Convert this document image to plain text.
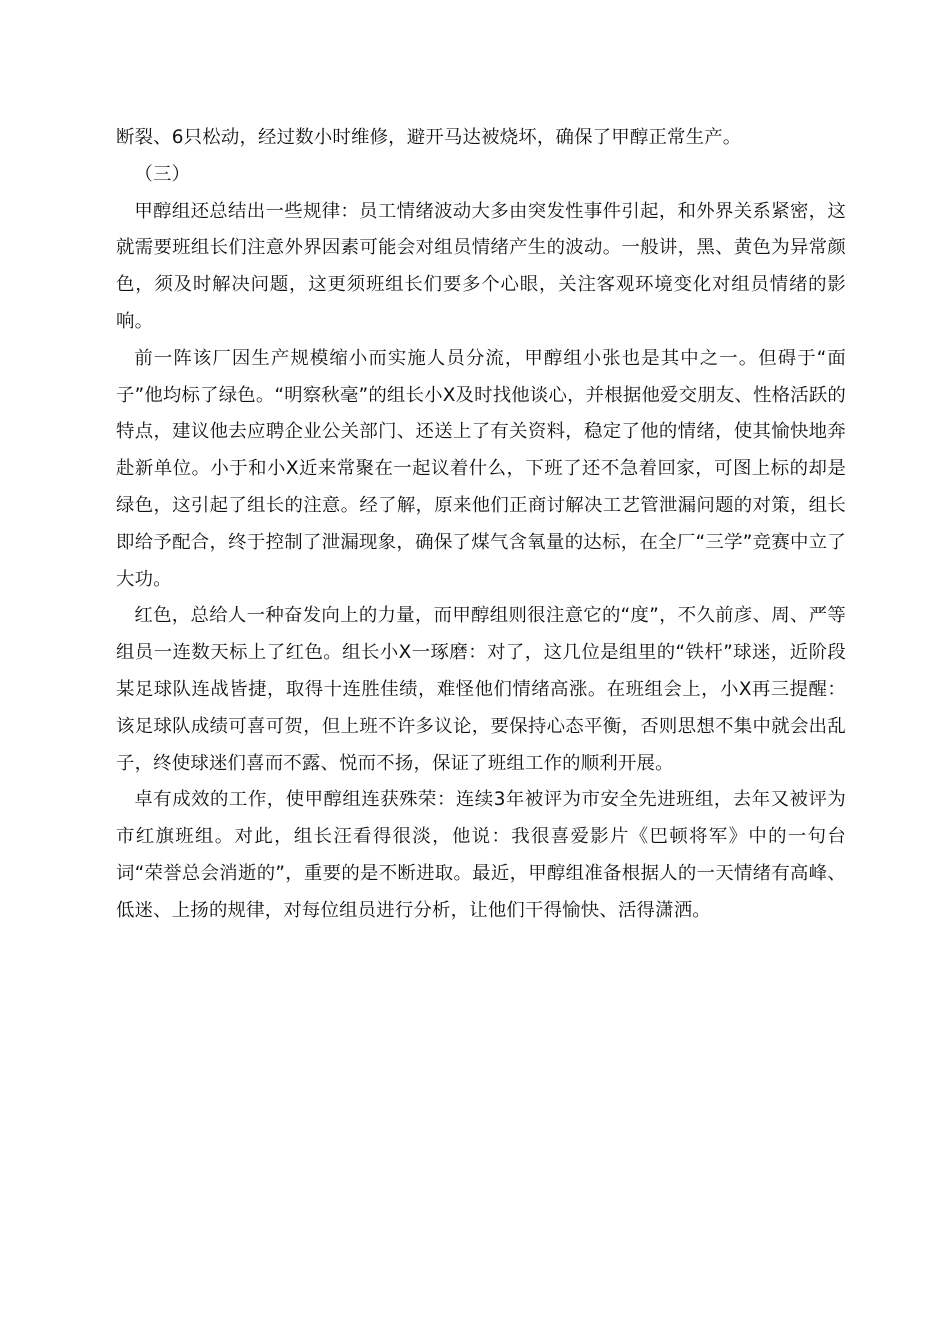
断裂、6只松动，经过数小时维修，避开马达被烧坏，确保了甲醇正常生产。

（三）

甲醇组还总结出一些规律：员工情绪波动大多由突发性事件引起，和外界关系紧密，这就需要班组长们注意外界因素可能会对组员情绪产生的波动。一般讲，黑、黄色为异常颜色，须及时解决问题，这更须班组长们要多个心眼，关注客观环境变化对组员情绪的影响。

前一阵该厂因生产规模缩小而实施人员分流，甲醇组小张也是其中之一。但碍于“面子”他均标了绿色。“明察秋毫”的组长小X及时找他谈心，并根据他爱交朋友、性格活跃的特点，建议他去应聘企业公关部门、还送上了有关资料，稳定了他的情绪，使其愉快地奔赴新单位。小于和小X近来常聚在一起议着什么，下班了还不急着回家，可图上标的却是绿色，这引起了组长的注意。经了解，原来他们正商讨解决工艺管泄漏问题的对策，组长即给予配合，终于控制了泄漏现象，确保了煤气含氧量的达标，在全厂“三学”竞赛中立了大功。

红色，总给人一种奋发向上的力量，而甲醇组则很注意它的“度”，不久前彦、周、严等组员一连数天标上了红色。组长小X一琢磨：对了，这几位是组里的“铁杆”球迷，近阶段某足球队连战皆捷，取得十连胜佳绩，难怪他们情绪高涨。在班组会上，小X再三提醒：该足球队成绩可喜可贺，但上班不许多议论，要保持心态平衡，否则思想不集中就会出乱子，终使球迷们喜而不露、悦而不扬，保证了班组工作的顺利开展。

卓有成效的工作，使甲醇组连获殊荣：连续3年被评为市安全先进班组，去年又被评为市红旗班组。对此，组长汪看得很淡，他说：我很喜爱影片《巴顿将军》中的一句台词“荣誉总会消逝的”，重要的是不断进取。最近，甲醇组准备根据人的一天情绪有高峰、低迷、上扬的规律，对每位组员进行分析，让他们干得愉快、活得潇洒。
